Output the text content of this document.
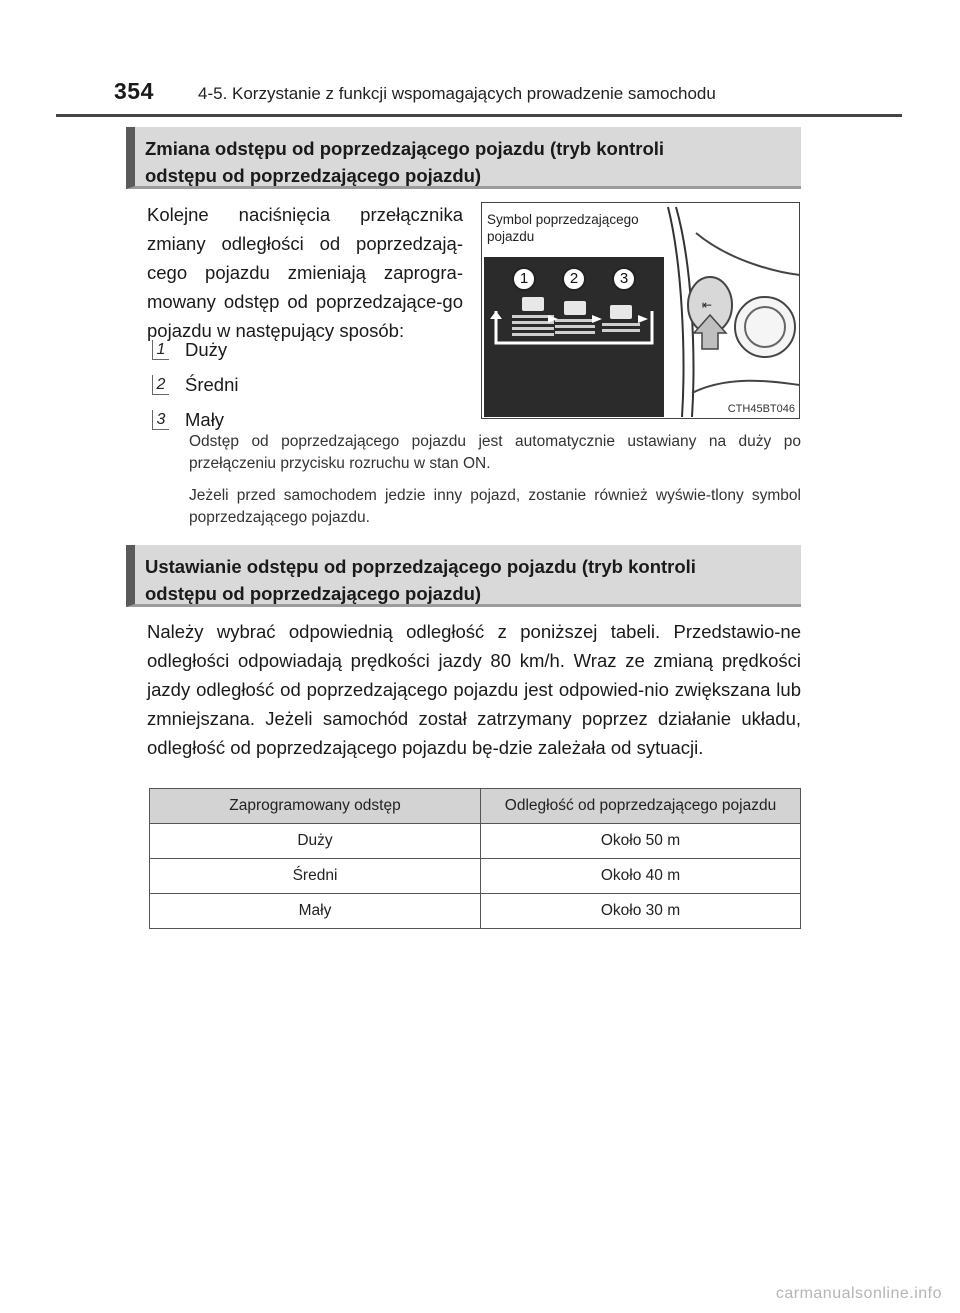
354	4-5. Korzystanie z funkcji wspomagających prowadzenie samochodu
Zmiana odstępu od poprzedzającego pojazdu (tryb kontroli
odstępu od poprzedzającego pojazdu)
Kolejne naciśnięcia przełącznika zmiany odległości od poprzedzają-cego pojazdu zmieniają zaprogra-mowany odstęp od poprzedzające-go pojazdu w następujący sposób:
1 Duży
2 Średni
3 Mały
⇤
Symbol poprzedzającego
pojazdu
1	2	3
CTH45BT046
Odstęp od poprzedzającego pojazdu jest automatycznie ustawiany na duży po przełączeniu przycisku rozruchu w stan ON.
Jeżeli przed samochodem jedzie inny pojazd, zostanie również wyświe-tlony symbol poprzedzającego pojazdu.
Ustawianie odstępu od poprzedzającego pojazdu (tryb kontroli
odstępu od poprzedzającego pojazdu)
Należy wybrać odpowiednią odległość z poniższej tabeli. Przedstawio-ne odległości odpowiadają prędkości jazdy 80 km/h. Wraz ze zmianą prędkości jazdy odległość od poprzedzającego pojazdu jest odpowied-nio zwiększana lub zmniejszana. Jeżeli samochód został zatrzymany poprzez działanie układu, odległość od poprzedzającego pojazdu bę-dzie zależała od sytuacji.
Zaprogramowany odstęp	Odległość od poprzedzającego pojazdu
Duży	Około 50 m
Średni	Około 40 m
Mały	Około 30 m
carmanualsonline.info
